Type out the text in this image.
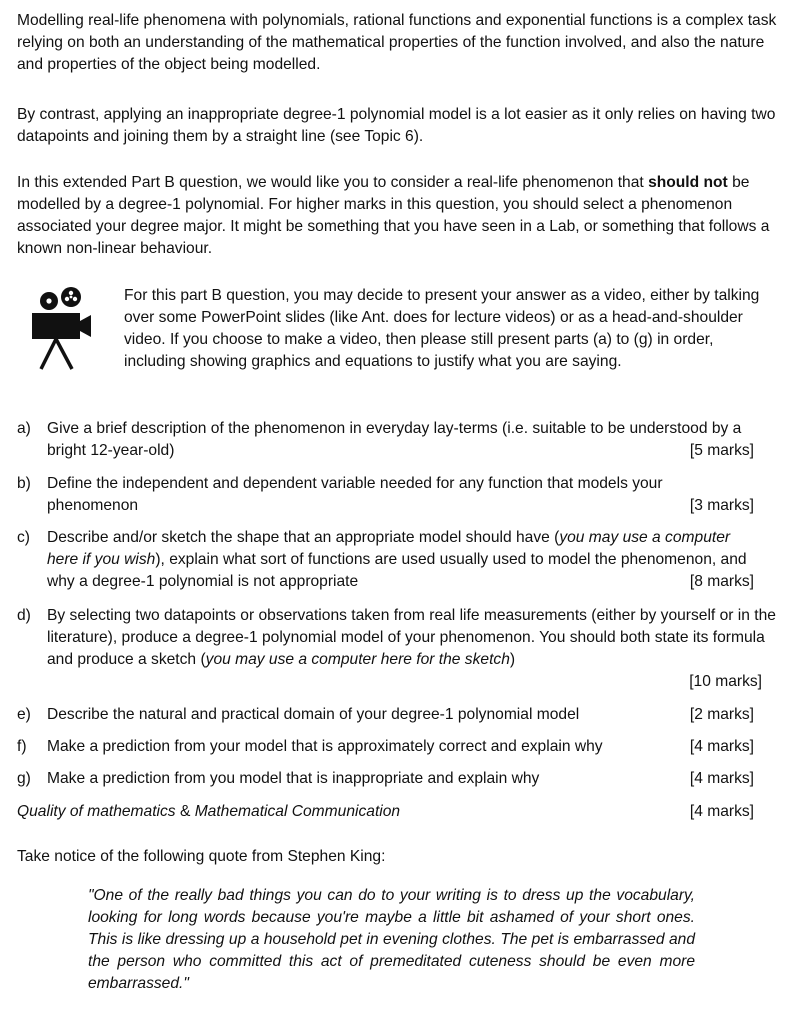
Modelling real-life phenomena with polynomials, rational functions and exponential functions is a complex task relying on both an understanding of the mathematical properties of the function involved, and also the nature and properties of the object being modelled.

By contrast, applying an inappropriate degree-1 polynomial model is a lot easier as it only relies on having two datapoints and joining them by a straight line (see Topic 6).

In this extended Part B question, we would like you to consider a real-life phenomenon that should not be modelled by a degree-1 polynomial. For higher marks in this question, you should select a phenomenon associated your degree major. It might be something that you have seen in a Lab, or something that follows a known non-linear behaviour.

For this part B question, you may decide to present your answer as a video, either by talking over some PowerPoint slides (like Ant. does for lecture videos) or as a head-and-shoulder video. If you choose to make a video, then please still present parts (a) to (g) in order, including showing graphics and equations to justify what you are saying.

a) Give a brief description of the phenomenon in everyday lay-terms (i.e. suitable to be understood by a bright 12-year-old)	[5 marks]
b) Define the independent and dependent variable needed for any function that models your phenomenon	[3 marks]
c) Describe and/or sketch the shape that an appropriate model should have (you may use a computer here if you wish), explain what sort of functions are used usually used to model the phenomenon, and why a degree-1 polynomial is not appropriate	[8 marks]
d) By selecting two datapoints or observations taken from real life measurements (either by yourself or in the literature), produce a degree-1 polynomial model of your phenomenon. You should both state its formula and produce a sketch (you may use a computer here for the sketch)
[10 marks]
e) Describe the natural and practical domain of your degree-1 polynomial model	[2 marks]
f) Make a prediction from your model that is approximately correct and explain why	[4 marks]
g) Make a prediction from you model that is inappropriate and explain why	[4 marks]
Quality of mathematics & Mathematical Communication	[4 marks]

Take notice of the following quote from Stephen King:

"One of the really bad things you can do to your writing is to dress up the vocabulary, looking for long words because you're maybe a little bit ashamed of your short ones. This is like dressing up a household pet in evening clothes. The pet is embarrassed and the person who committed this act of premeditated cuteness should be even more embarrassed."
